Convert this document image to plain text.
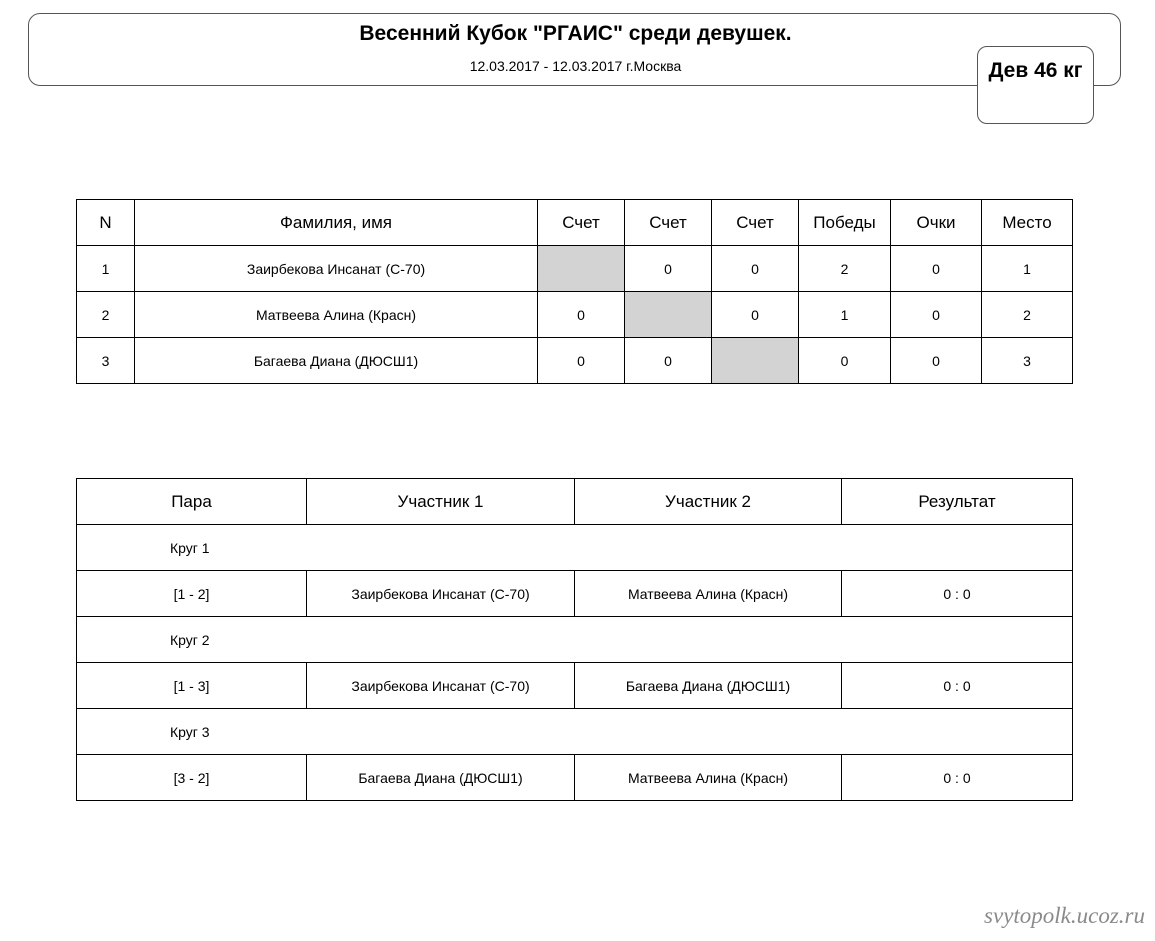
Весенний Кубок "РГАИС" среди девушек.
12.03.2017 - 12.03.2017 г.Москва	Дев 46 кг
N	Фамилия, имя	Счет	Счет	Счет	Победы	Очки	Место
1	Заирбекова Инсанат (С-70)		0	0	2	0	1
2	Матвеева Алина (Красн)	0		0	1	0	2
3	Багаева Диана (ДЮСШ1)	0	0		0	0	3
Пара	Участник 1	Участник 2	Результат
Круг 1			
[1 - 2]	Заирбекова Инсанат (С-70)	Матвеева Алина (Красн)	0 : 0
Круг 2			
[1 - 3]	Заирбекова Инсанат (С-70)	Багаева Диана (ДЮСШ1)	0 : 0
Круг 3			
[3 - 2]	Багаева Диана (ДЮСШ1)	Матвеева Алина (Красн)	0 : 0
svytopolk.ucoz.ru
